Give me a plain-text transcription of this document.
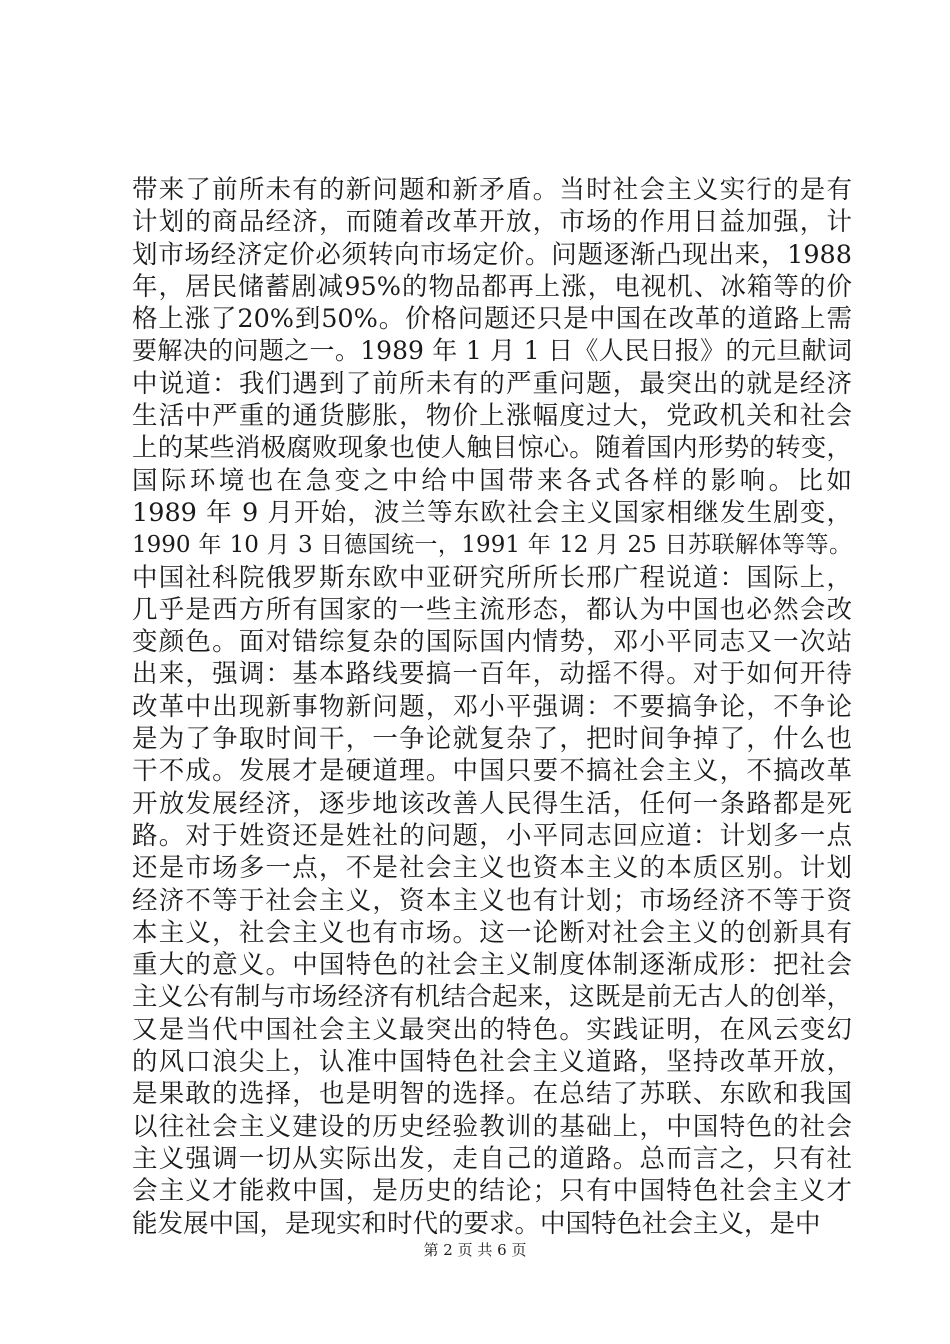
带来了前所未有的新问题和新矛盾。当时社会主义实行的是有
计划的商品经济，而随着改革开放，市场的作用日益加强，计
划市场经济定价必须转向市场定价。问题逐渐凸现出来，1988
年，居民储蓄剧减95%的物品都再上涨，电视机、冰箱等的价
格上涨了20%到50%。价格问题还只是中国在改革的道路上需
要解决的问题之一。1989 年 1 月 1 日《人民日报》的元旦献词
中说道：我们遇到了前所未有的严重问题，最突出的就是经济
生活中严重的通货膨胀，物价上涨幅度过大，党政机关和社会
上的某些消极腐败现象也使人触目惊心。随着国内形势的转变，
国际环境也在急变之中给中国带来各式各样的影响。比如
1989 年 9 月开始，波兰等东欧社会主义国家相继发生剧变，
1990 年 10 月 3 日德国统一，1991 年 12 月 25 日苏联解体等等。
中国社科院俄罗斯东欧中亚研究所所长邢广程说道：国际上，
几乎是西方所有国家的一些主流形态，都认为中国也必然会改
变颜色。面对错综复杂的国际国内情势，邓小平同志又一次站
出来，强调：基本路线要搞一百年，动摇不得。对于如何开待
改革中出现新事物新问题，邓小平强调：不要搞争论，不争论
是为了争取时间干，一争论就复杂了，把时间争掉了，什么也
干不成。发展才是硬道理。中国只要不搞社会主义，不搞改革
开放发展经济，逐步地该改善人民得生活，任何一条路都是死
路。对于姓资还是姓社的问题，小平同志回应道：计划多一点
还是市场多一点，不是社会主义也资本主义的本质区别。计划
经济不等于社会主义，资本主义也有计划；市场经济不等于资
本主义，社会主义也有市场。这一论断对社会主义的创新具有
重大的意义。中国特色的社会主义制度体制逐渐成形：把社会
主义公有制与市场经济有机结合起来，这既是前无古人的创举，
又是当代中国社会主义最突出的特色。实践证明，在风云变幻
的风口浪尖上，认准中国特色社会主义道路，坚持改革开放，
是果敢的选择，也是明智的选择。在总结了苏联、东欧和我国
以往社会主义建设的历史经验教训的基础上，中国特色的社会
主义强调一切从实际出发，走自己的道路。总而言之，只有社
会主义才能救中国，是历史的结论；只有中国特色社会主义才
能发展中国，是现实和时代的要求。中国特色社会主义，是中
第 2 页 共 6 页
